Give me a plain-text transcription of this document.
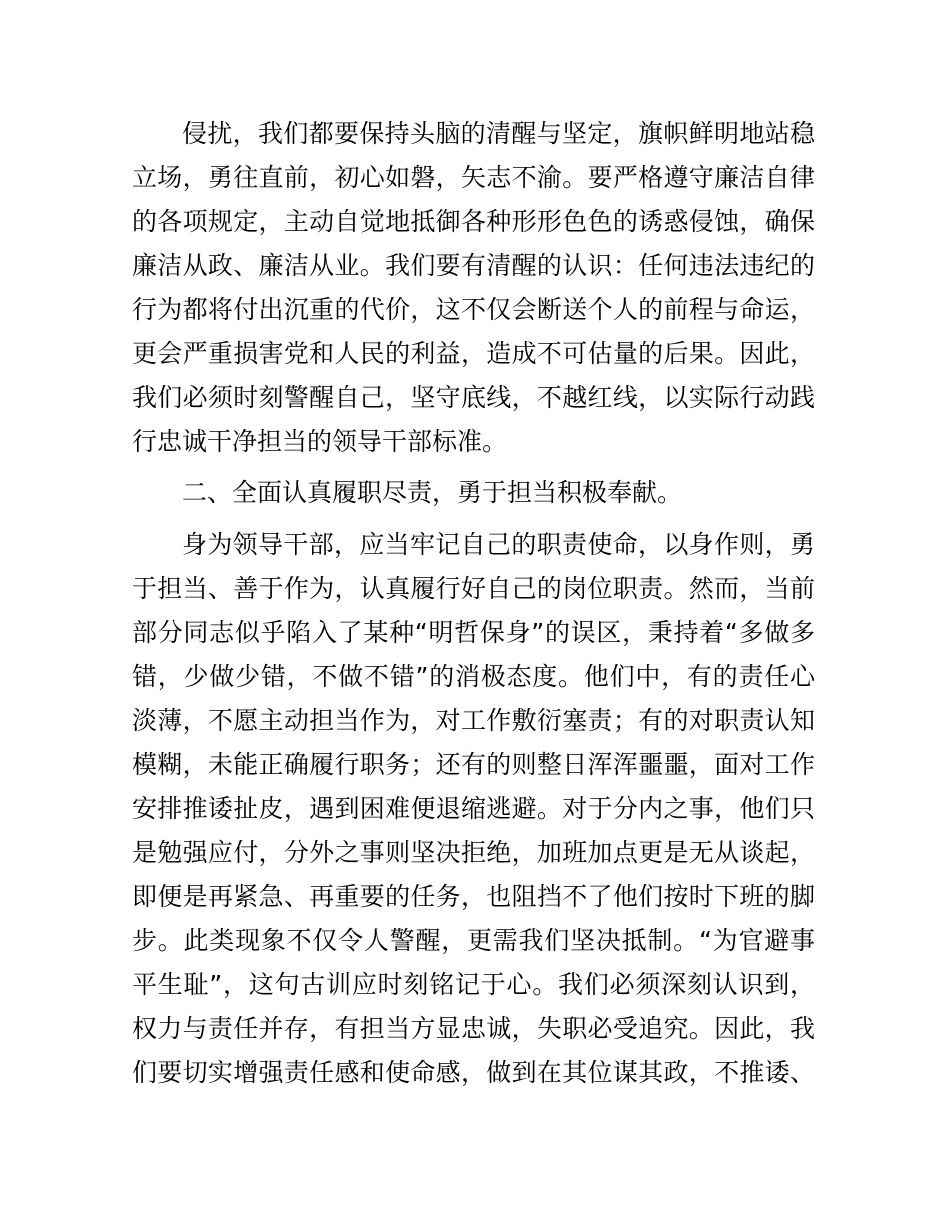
侵扰，我们都要保持头脑的清醒与坚定，旗帜鲜明地站稳
立场，勇往直前，初心如磐，矢志不渝。要严格遵守廉洁自律
的各项规定，主动自觉地抵御各种形形色色的诱惑侵蚀，确保
廉洁从政、廉洁从业。我们要有清醒的认识：任何违法违纪的
行为都将付出沉重的代价，这不仅会断送个人的前程与命运，
更会严重损害党和人民的利益，造成不可估量的后果。因此，
我们必须时刻警醒自己，坚守底线，不越红线，以实际行动践
行忠诚干净担当的领导干部标准。
二、全面认真履职尽责，勇于担当积极奉献。
身为领导干部，应当牢记自己的职责使命，以身作则，勇
于担当、善于作为，认真履行好自己的岗位职责。然而，当前
部分同志似乎陷入了某种“明哲保身”的误区，秉持着“多做多
错，少做少错，不做不错”的消极态度。他们中，有的责任心
淡薄，不愿主动担当作为，对工作敷衍塞责；有的对职责认知
模糊，未能正确履行职务；还有的则整日浑浑噩噩，面对工作
安排推诿扯皮，遇到困难便退缩逃避。对于分内之事，他们只
是勉强应付，分外之事则坚决拒绝，加班加点更是无从谈起，
即便是再紧急、再重要的任务，也阻挡不了他们按时下班的脚
步。此类现象不仅令人警醒，更需我们坚决抵制。“为官避事
平生耻”，这句古训应时刻铭记于心。我们必须深刻认识到，
权力与责任并存，有担当方显忠诚，失职必受追究。因此，我
们要切实增强责任感和使命感，做到在其位谋其政，不推诿、
